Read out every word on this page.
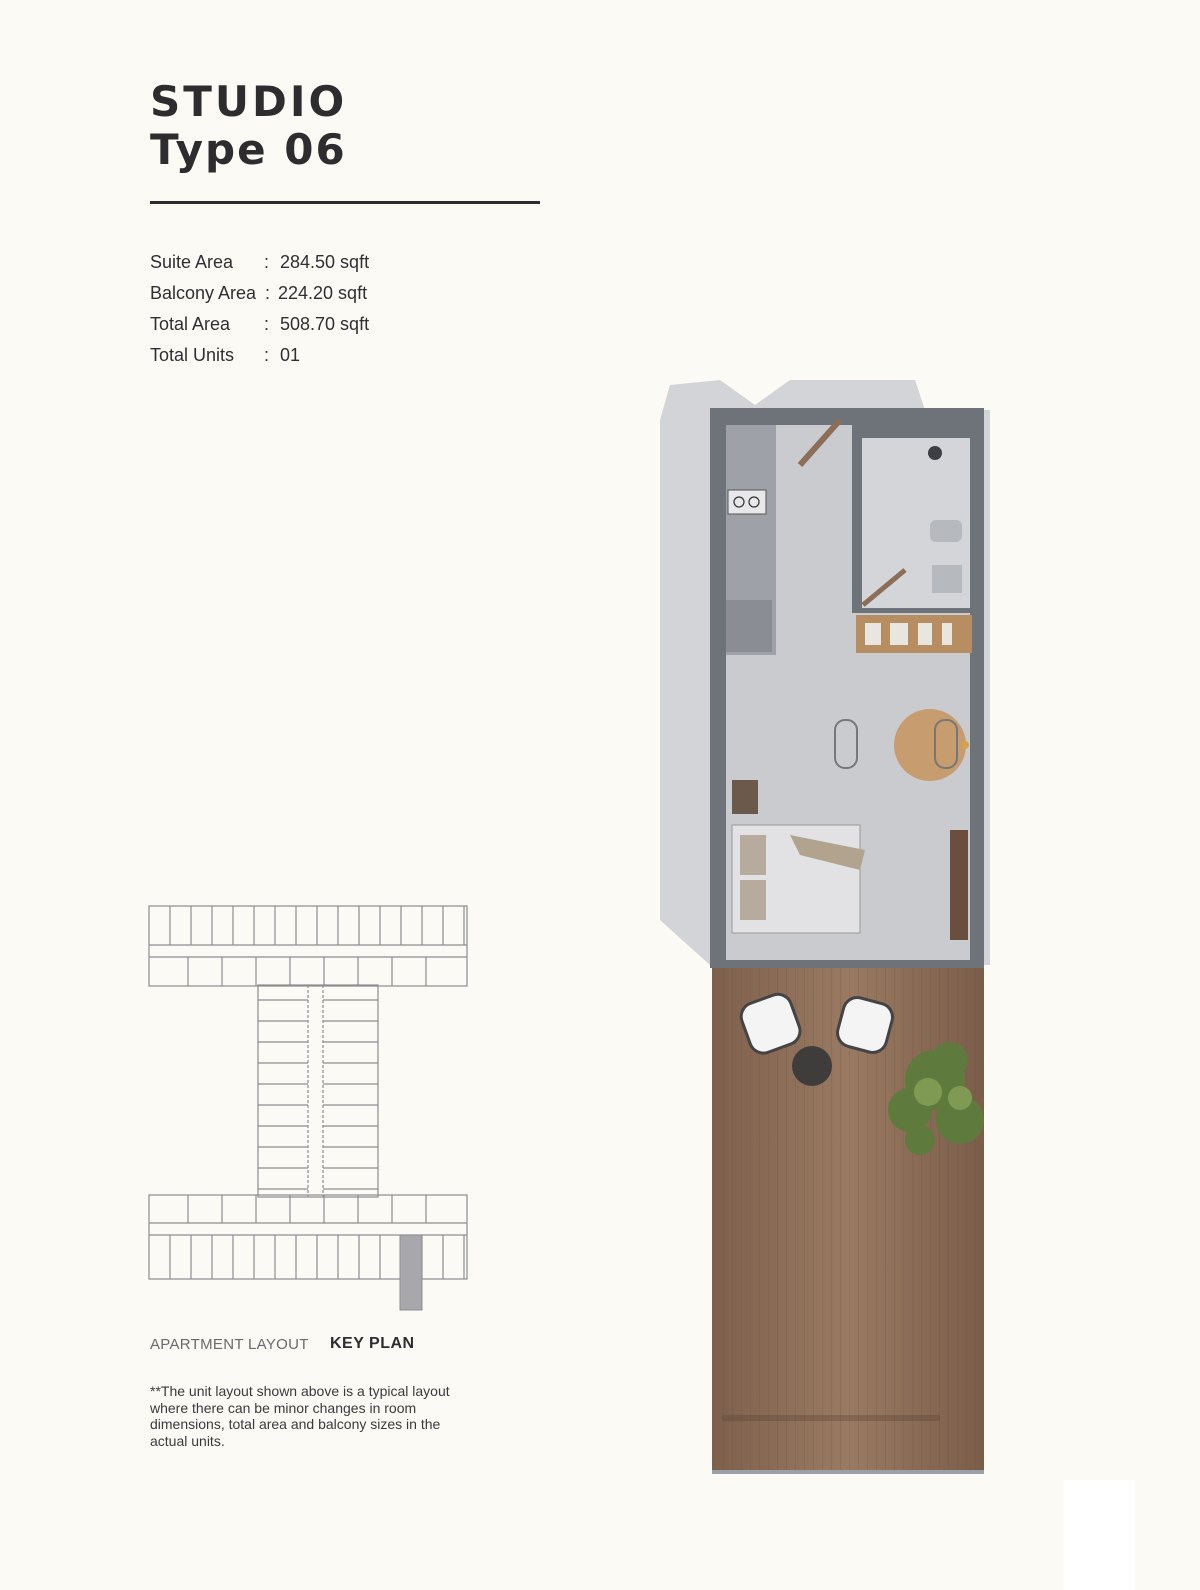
STUDIO
Type 06
Suite Area : 284.50 sqft
Balcony Area : 224.20 sqft
Total Area : 508.70 sqft
Total Units : 01
APARTMENT LAYOUT KEY PLAN
**The unit layout shown above is a typical layout where there can be minor changes in room dimensions, total area and balcony sizes in the actual units.
